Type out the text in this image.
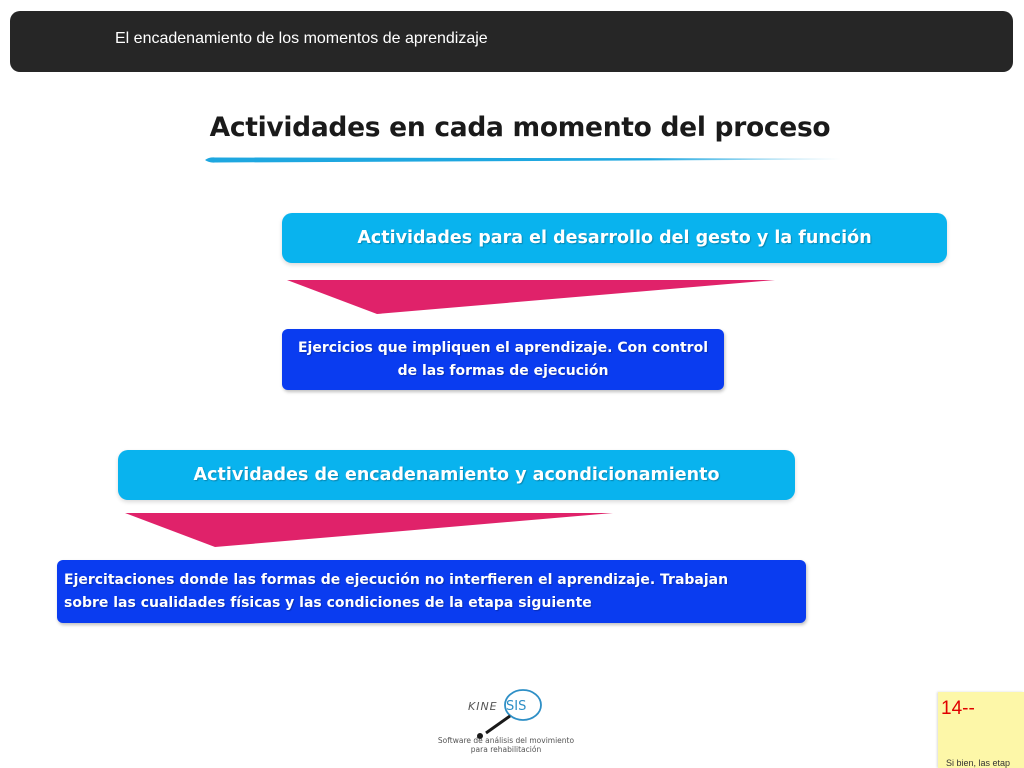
El encadenamiento de los momentos de aprendizaje
Actividades en cada momento del proceso
Actividades para el desarrollo del gesto y la función
Ejercicios que impliquen el aprendizaje. Con control
de las formas de ejecución
Actividades de encadenamiento y acondicionamiento
Ejercitaciones donde las formas de ejecución no interfieren el aprendizaje. Trabajan
sobre las cualidades físicas y las condiciones de la etapa siguiente
SIS
KINE
Software de análisis del movimiento
para rehabilitación
14--
Si bien, las etap
